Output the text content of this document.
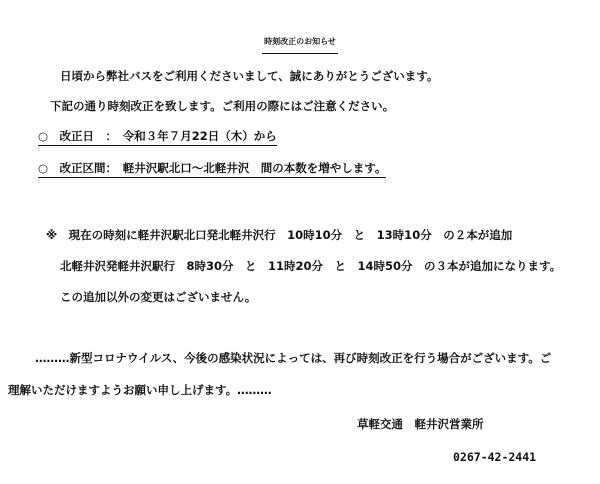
時刻改正のお知らせ
日頃から弊社バスをご利用くださいまして、誠にありがとうございます。
下記の通り時刻改正を致します。ご利用の際にはご注意ください。
○　改正日　：　令和３年７月22日（木）から
○　改正区間：　軽井沢駅北口～北軽井沢　間の本数を増やします。
※　現在の時刻に軽井沢駅北口発北軽井沢行　10時10分　と　13時10分　の２本が追加
北軽井沢発軽井沢駅行　8時30分　と　11時20分　と　14時50分　の３本が追加になります。
この追加以外の変更はございません。
………新型コロナウイルス、今後の感染状況によっては、再び時刻改正を行う場合がございます。ご
理解いただけますようお願い申し上げます。………
草軽交通　軽井沢営業所
0267-42-2441
